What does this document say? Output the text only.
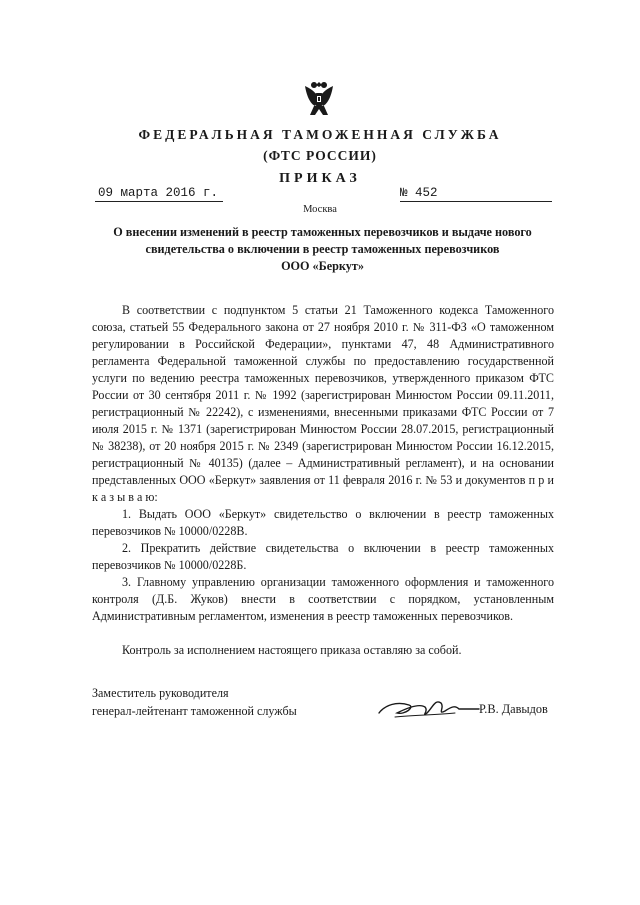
ФЕДЕРАЛЬНАЯ ТАМОЖЕННАЯ СЛУЖБА
(ФТС РОССИИ)
ПРИКАЗ
09 марта 2016 г.	№ 452
Москва
О внесении изменений в реестр таможенных перевозчиков и выдаче нового
свидетельства о включении в реестр таможенных перевозчиков
ООО «Беркут»

В соответствии с подпунктом 5 статьи 21 Таможенного кодекса Таможенного союза, статьей 55 Федерального закона от 27 ноября 2010 г. № 311-ФЗ «О таможенном регулировании в Российской Федерации», пунктами 47, 48 Административного регламента Федеральной таможенной службы по предоставлению государственной услуги по ведению реестра таможенных перевозчиков, утвержденного приказом ФТС России от 30 сентября 2011 г. № 1992 (зарегистрирован Минюстом России 09.11.2011, регистрационный № 22242), с изменениями, внесенными приказами ФТС России от 7 июля 2015 г. № 1371 (зарегистрирован Минюстом России 28.07.2015, регистрационный № 38238), от 20 ноября 2015 г. № 2349 (зарегистрирован Минюстом России 16.12.2015, регистрационный № 40135) (далее – Административный регламент), и на основании представленных ООО «Беркут» заявления от 11 февраля 2016 г. № 53 и документов п р и к а з ы в а ю:

1. Выдать ООО «Беркут» свидетельство о включении в реестр таможенных перевозчиков № 10000/0228В.

2. Прекратить действие свидетельства о включении в реестр таможенных перевозчиков № 10000/0228Б.

3. Главному управлению организации таможенного оформления и таможенного контроля (Д.Б. Жуков) внести в соответствии с порядком, установленным Административным регламентом, изменения в реестр таможенных перевозчиков.

Контроль за исполнением настоящего приказа оставляю за собой.

Заместитель руководителя
генерал-лейтенант таможенной службы	Р.В. Давыдов
